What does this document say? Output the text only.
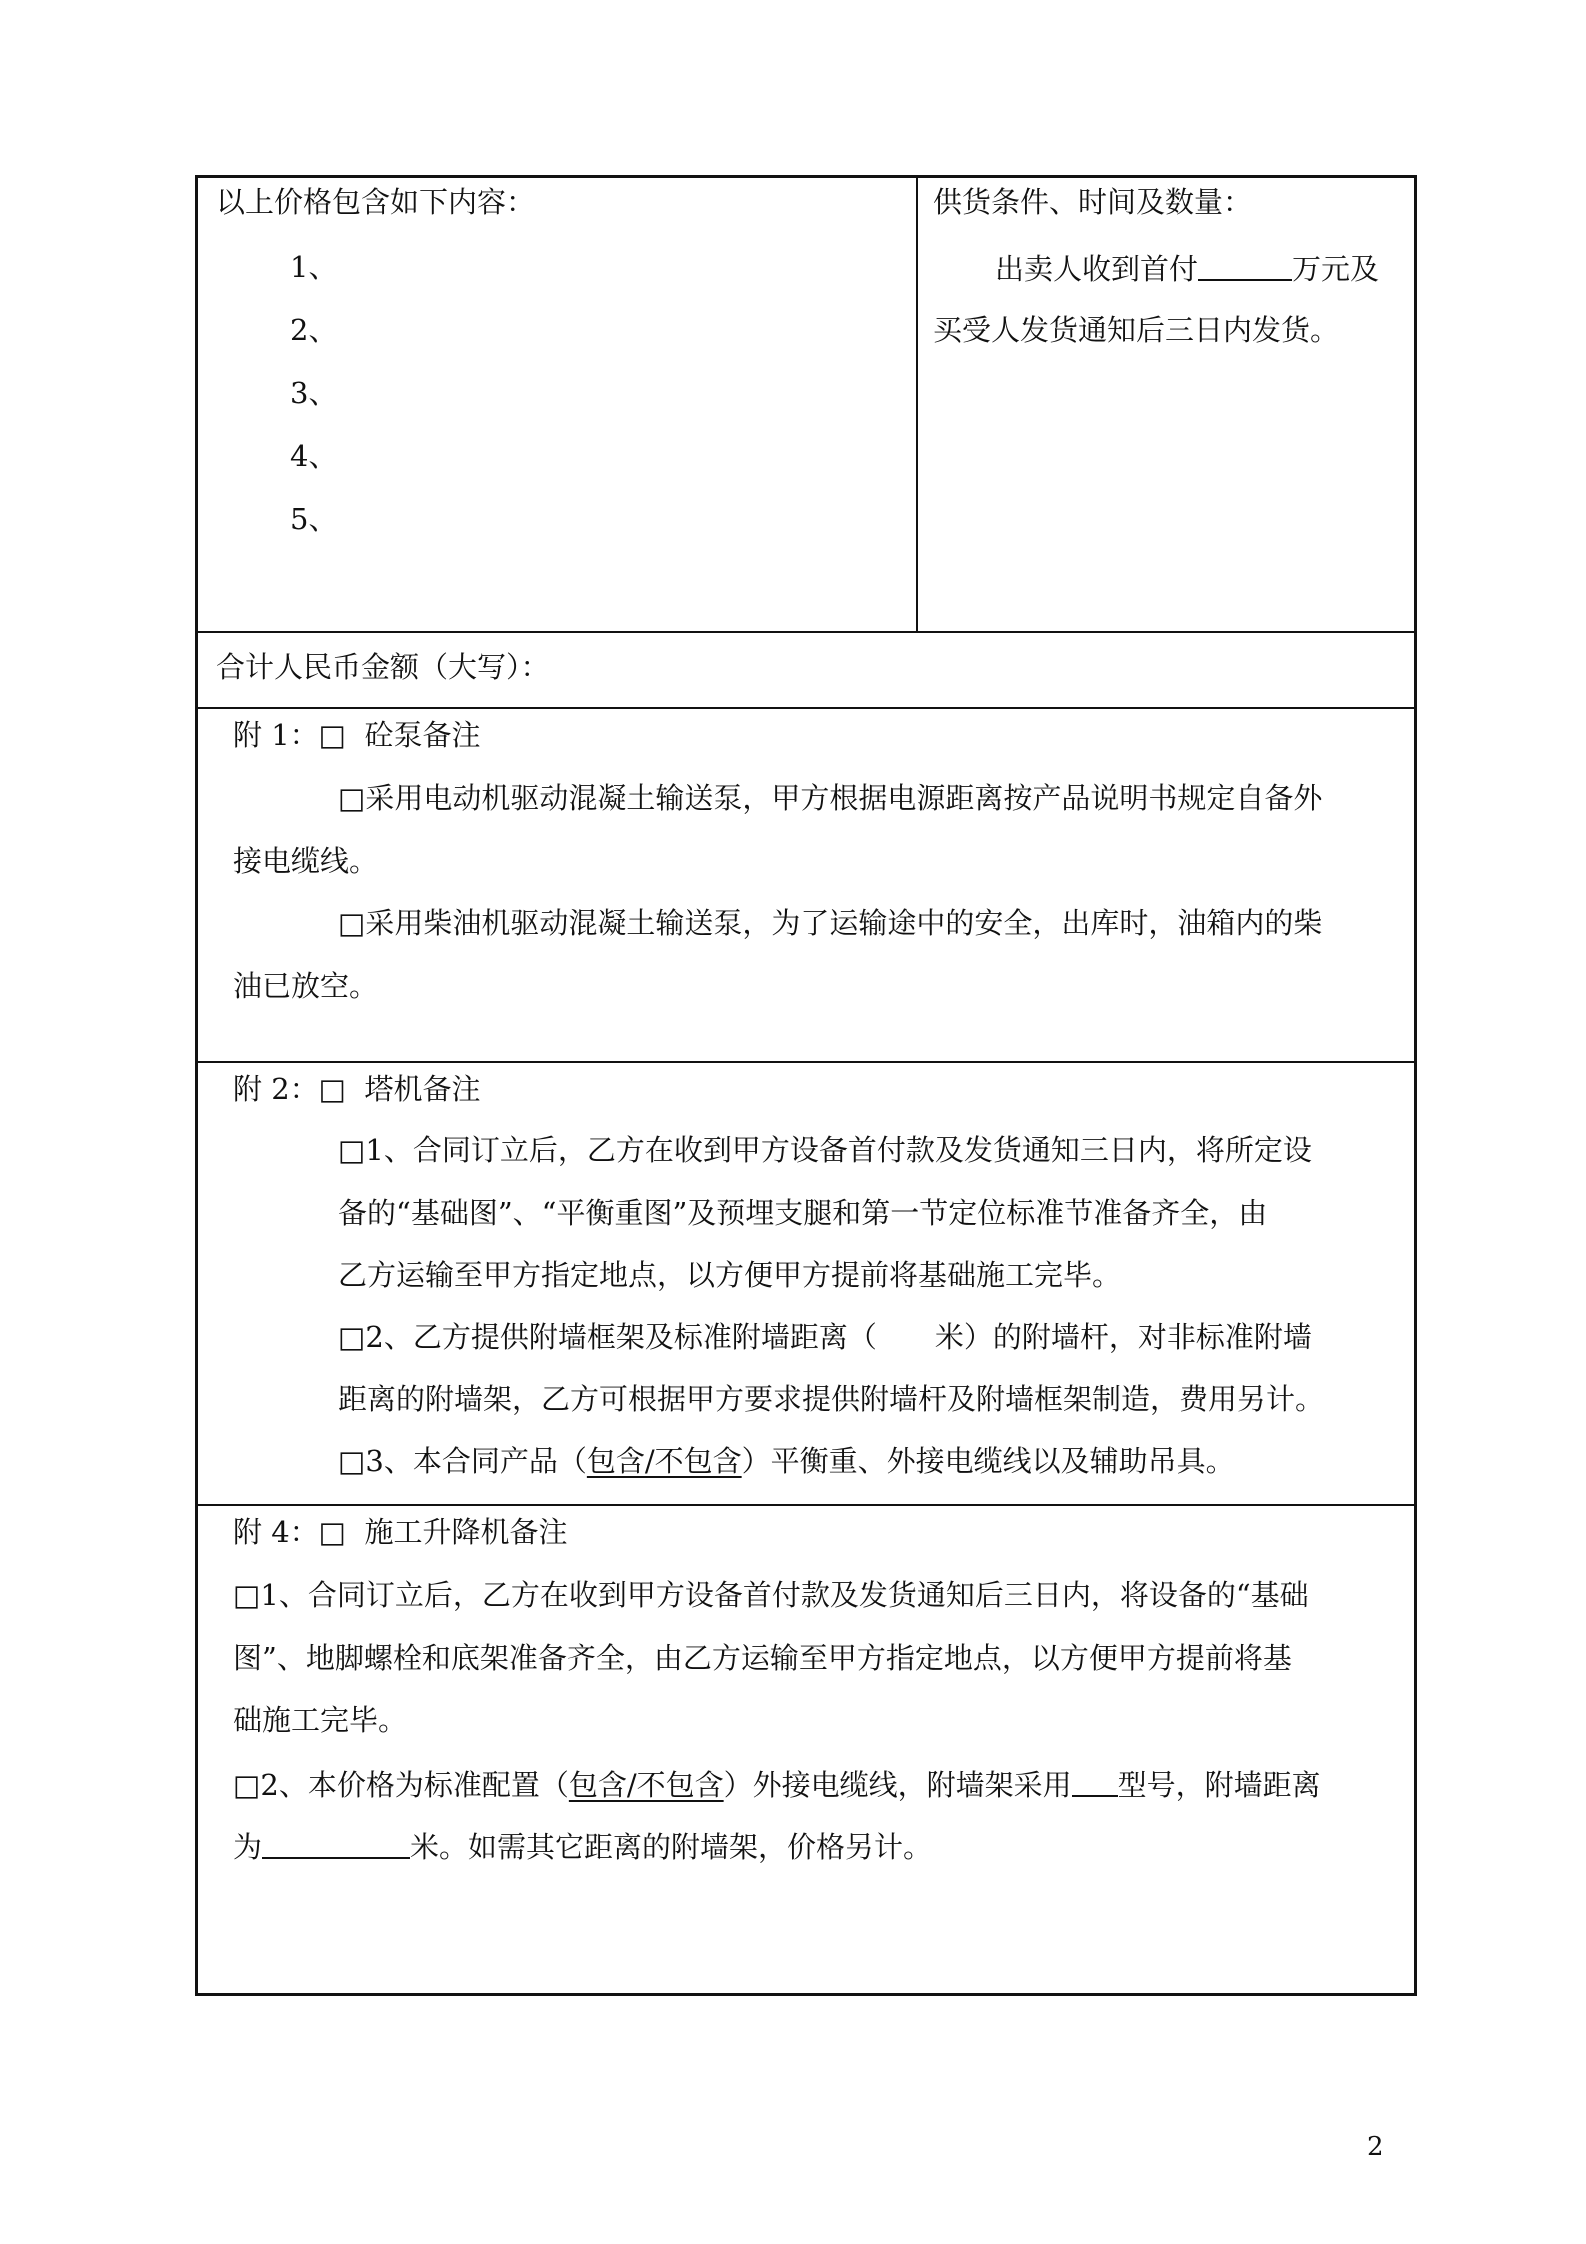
以上价格包含如下内容：
1、
2、
3、
4、
5、
供货条件、时间及数量：
出卖人收到首付	万元及
买受人发货通知后三日内发货。
合计人民币金额（大写）：
附 1：□ 砼泵备注
□采用电动机驱动混凝土输送泵，甲方根据电源距离按产品说明书规定自备外
接电缆线。
□采用柴油机驱动混凝土输送泵，为了运输途中的安全，出库时，油箱内的柴
油已放空。
附 2：□ 塔机备注
□1、合同订立后，乙方在收到甲方设备首付款及发货通知三日内，将所定设
备的“基础图”、“平衡重图”及预埋支腿和第一节定位标准节准备齐全，由
乙方运输至甲方指定地点，以方便甲方提前将基础施工完毕。
□2、乙方提供附墙框架及标准附墙距离（　　米）的附墙杆，对非标准附墙
距离的附墙架，乙方可根据甲方要求提供附墙杆及附墙框架制造，费用另计。
□3、本合同产品（包含/不包含）平衡重、外接电缆线以及辅助吊具。
附 4：□ 施工升降机备注
□1、合同订立后，乙方在收到甲方设备首付款及发货通知后三日内，将设备的“基础
图”、地脚螺栓和底架准备齐全，由乙方运输至甲方指定地点，以方便甲方提前将基
础施工完毕。
□2、本价格为标准配置（包含/不包含）外接电缆线，附墙架采用 型号，附墙距离
为	米。如需其它距离的附墙架，价格另计。
2
